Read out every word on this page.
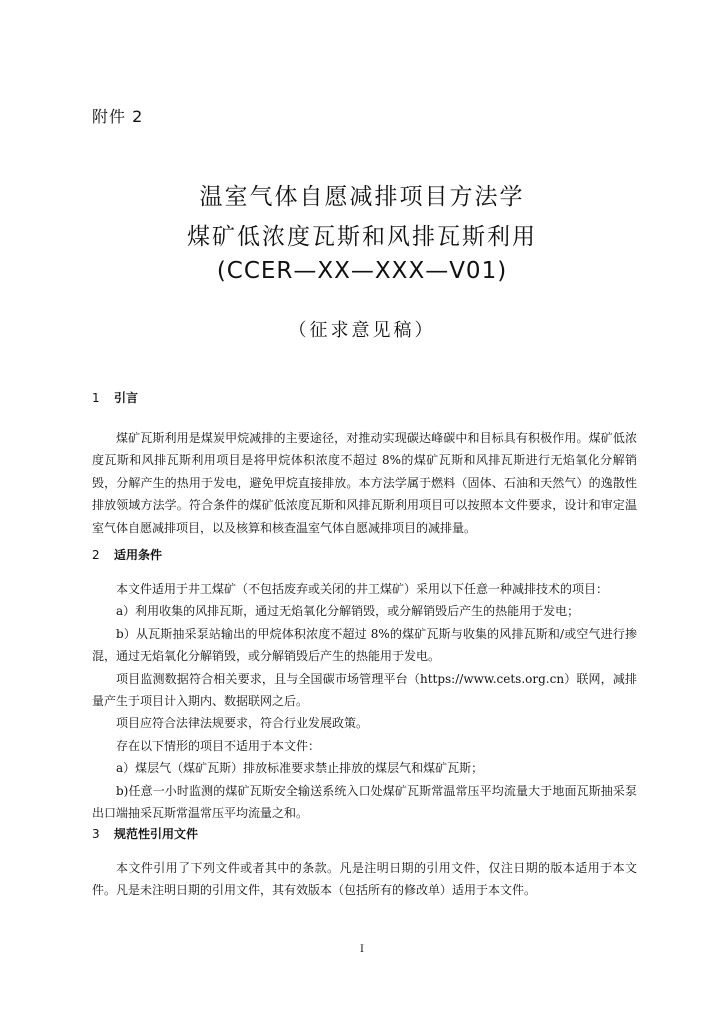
附件 2
温室气体自愿减排项目方法学
煤矿低浓度瓦斯和风排瓦斯利用
(CCER—XX—XXX—V01)
（征求意见稿）
1	引言

煤矿瓦斯利用是煤炭甲烷减排的主要途径，对推动实现碳达峰碳中和目标具有积极作用。煤矿低浓度瓦斯和风排瓦斯利用项目是将甲烷体积浓度不超过 8%的煤矿瓦斯和风排瓦斯进行无焰氧化分解销毁，分解产生的热用于发电，避免甲烷直接排放。本方法学属于燃料（固体、石油和天然气）的逸散性排放领域方法学。符合条件的煤矿低浓度瓦斯和风排瓦斯利用项目可以按照本文件要求，设计和审定温室气体自愿减排项目，以及核算和核查温室气体自愿减排项目的减排量。

2	适用条件

本文件适用于井工煤矿（不包括废弃或关闭的井工煤矿）采用以下任意一种减排技术的项目：

a）利用收集的风排瓦斯，通过无焰氧化分解销毁，或分解销毁后产生的热能用于发电；

b）从瓦斯抽采泵站输出的甲烷体积浓度不超过 8%的煤矿瓦斯与收集的风排瓦斯和/或空气进行掺混，通过无焰氧化分解销毁，或分解销毁后产生的热能用于发电。

项目监测数据符合相关要求，且与全国碳市场管理平台（https://www.cets.org.cn）联网，减排量产生于项目计入期内、数据联网之后。

项目应符合法律法规要求，符合行业发展政策。

存在以下情形的项目不适用于本文件：

a）煤层气（煤矿瓦斯）排放标准要求禁止排放的煤层气和煤矿瓦斯；

b)任意一小时监测的煤矿瓦斯安全输送系统入口处煤矿瓦斯常温常压平均流量大于地面瓦斯抽采泵出口端抽采瓦斯常温常压平均流量之和。

3	规范性引用文件

本文件引用了下列文件或者其中的条款。凡是注明日期的引用文件，仅注日期的版本适用于本文件。凡是未注明日期的引用文件，其有效版本（包括所有的修改单）适用于本文件。

I
